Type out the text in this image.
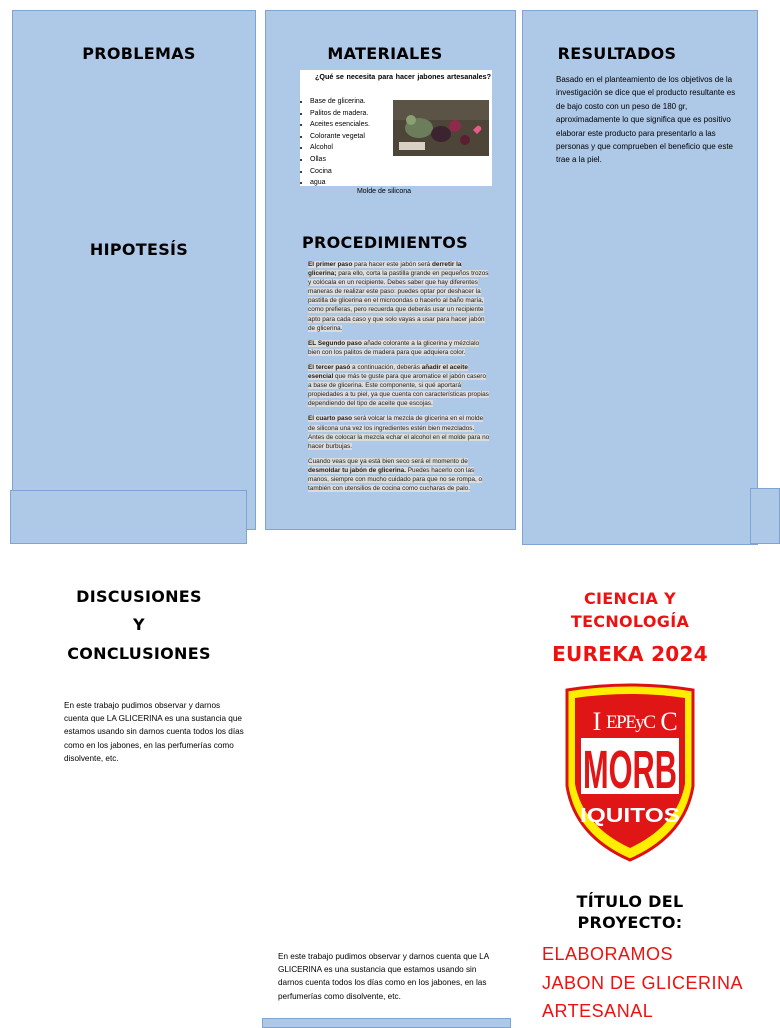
PROBLEMAS
HIPOTESÍS
MATERIALES
¿Qué se necesita para hacer jabones artesanales?
• Base de glicerina.
• Palitos de madera.
• Aceites esenciales.
• Colorante vegetal
• Alcohol
• Ollas
• Cocina
• agua
Molde de silicona
PROCEDIMIENTOS

El primer paso para hacer este jabón será derretir la glicerina; para ello, corta la pastilla grande en pequeños trozos y colócala en un recipiente. Debes saber que hay diferentes maneras de realizar este paso: puedes optar por deshacer la pastilla de glicerina en el microondas o hacerlo al baño maría, como prefieras, pero recuerda que deberás usar un recipiente apto para cada caso y que solo vayas a usar para hacer jabón de glicerina.

EL Segundo paso añade colorante a la glicerina y mézclalo bien con los palitos de madera para que adquiera color.

El tercer pasó a continuación, deberás añadir el aceite esencial que más te guste para que aromatice el jabón casero a base de glicerina. Este componente, si qué aportará propiedades a tu piel, ya que cuenta con características propias dependiendo del tipo de aceite que escojas.

El cuarto paso será volcar la mezcla de glicerina en el molde de silicona una vez los ingredientes estén bien mezclados. Antes de colocar la mezcla echar el alcohol en el molde para no hacer burbujas.

Cuando veas que ya está bien seco será el momento de desmoldar tu jabón de glicerina. Puedes hacerlo con las manos, siempre con mucho cuidado para que no se rompa, o también con utensilios de cocina como cucharas de palo.

RESULTADOS
Basado en el planteamiento de los objetivos de la investigación se dice que el producto resultante es de bajo costo con un peso de 180 gr, aproximadamente lo que significa que es positivo elaborar este producto para presentarlo a las personas y que comprueben el beneficio que este trae a la piel.
DISCUSIONES
Y
CONCLUSIONES
En este trabajo pudimos observar y darnos cuenta que LA GLICERINA es una sustancia que estamos usando sin darnos cuenta todos los días como en los jabones, en las perfumerías como disolvente, etc.
En este trabajo pudimos observar y darnos cuenta que LA GLICERINA es una sustancia que estamos usando sin darnos cuenta todos los días como en los jabones, en las perfumerías como disolvente, etc.
CIENCIA Y
TECNOLOGÍA
EUREKA 2024
I EPEyC C
MORB
IQUITOS
TÍTULO DEL
PROYECTO:
ELABORAMOS
JABON DE GLICERINA
ARTESANAL
